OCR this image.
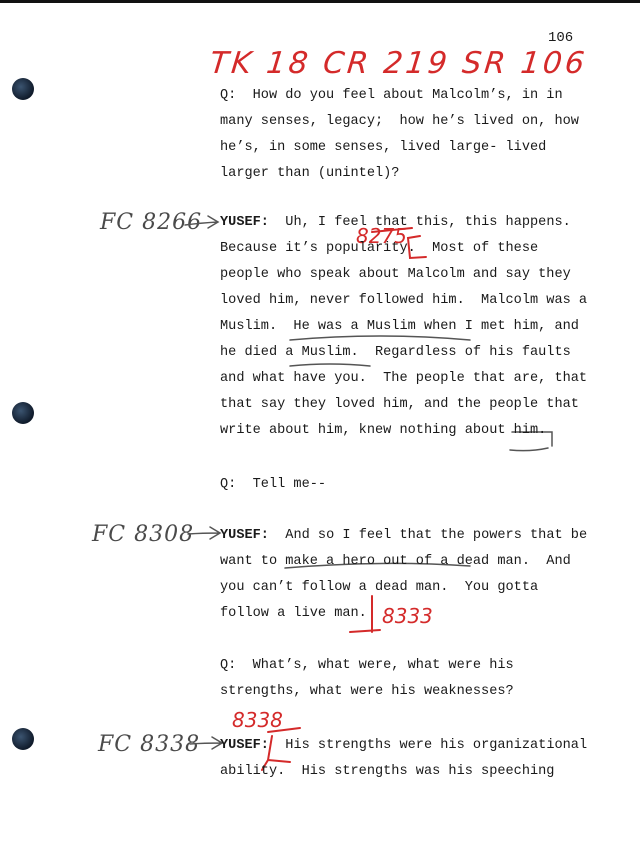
106
TK 18 CR 219 SR 106
FC 8266
FC 8308
FC 8338
8275
8333
8338
Q:  How do you feel about Malcolm’s, in in
many senses, legacy;  how he’s lived on, how
he’s, in some senses, lived large- lived
larger than (unintel)?
YUSEF: Uh, I feel that this, this happens.
Because it’s popularity.  Most of these
people who speak about Malcolm and say they
loved him, never followed him.  Malcolm was a
Muslim.  He was a Muslim when I met him, and
he died a Muslim.  Regardless of his faults
and what have you.  The people that are, that
that say they loved him, and the people that
write about him, knew nothing about him.
Q:  Tell me--
YUSEF: And so I feel that the powers that be
want to make a hero out of a dead man.  And
you can’t follow a dead man.  You gotta
follow a live man.
Q:  What’s, what were, what were his
strengths, what were his weaknesses?
YUSEF: His strengths were his organizational
ability.  His strengths was his speeching
